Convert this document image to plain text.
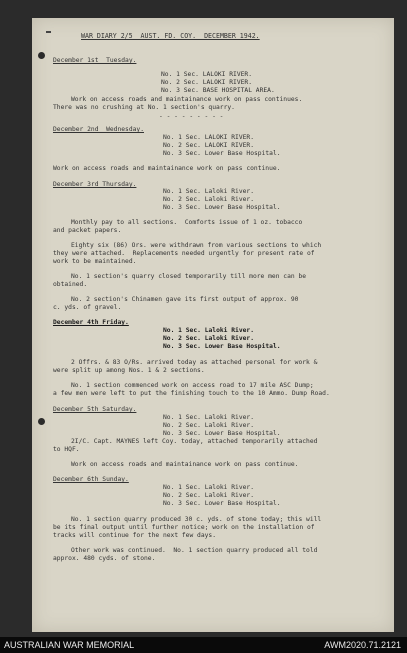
WAR DIARY 2/5  AUST. FD. COY.  DECEMBER 1942.
December 1st  Tuesday.
No. 1 Sec. LALOKI RIVER.
No. 2 Sec. LALOKI RIVER.
No. 3 Sec. BASE HOSPITAL AREA.
Work on access roads and maintainance work on pass continues.
There was no crushing at No. 1 section's quarry.
- - - - - - - - -
December 2nd  Wednesday.
No. 1 Sec. LALOKI RIVER.
No. 2 Sec. LALOKI RIVER.
No. 3 Sec. Lower Base Hospital.
Work on access roads and maintainance work on pass continue.
December 3rd Thursday.
No. 1 Sec. Laloki River.
No. 2 Sec. Laloki River.
No. 3 Sec. Lower Base Hospital.
Monthly pay to all sections.  Comforts issue of 1 oz. tobacco
and packet papers.
Eighty six (86) Ors. were withdrawn from various sections to which
they were attached.  Replacements needed urgently for present rate of
work to be maintained.
No. 1 section's quarry closed temporarily till more men can be
obtained.
No. 2 section's Chinamen gave its first output of approx. 90
c. yds. of gravel.
December 4th Friday.
No. 1 Sec. Laloki River.
No. 2 Sec. Laloki River.
No. 3 Sec. Lower Base Hospital.
2 Offrs. & 83 O/Rs. arrived today as attached personal for work &
were split up among Nos. 1 & 2 sections.
No. 1 section commenced work on access road to 17 mile ASC Dump;
a few men were left to put the finishing touch to the 10 Ammo. Dump Road.
December 5th Saturday.
No. 1 Sec. Laloki River.
No. 2 Sec. Laloki River.
No. 3 Sec. Lower Base Hospital.
2I/C. Capt. MAYNES left Coy. today, attached temporarily attached
to HQF.
Work on access roads and maintainance work on pass continue.
December 6th Sunday.
No. 1 Sec. Laloki River.
No. 2 Sec. Laloki River.
No. 3 Sec. Lower Base Hospital.
No. 1 section quarry produced 30 c. yds. of stone today; this will
be its final output until further notice; work on the installation of
tracks will continue for the next few days.
Other work was continued.  No. 1 section quarry produced all told
approx. 480 cyds. of stone.
AUSTRALIAN WAR MEMORIAL	AWM2020.71.2121
